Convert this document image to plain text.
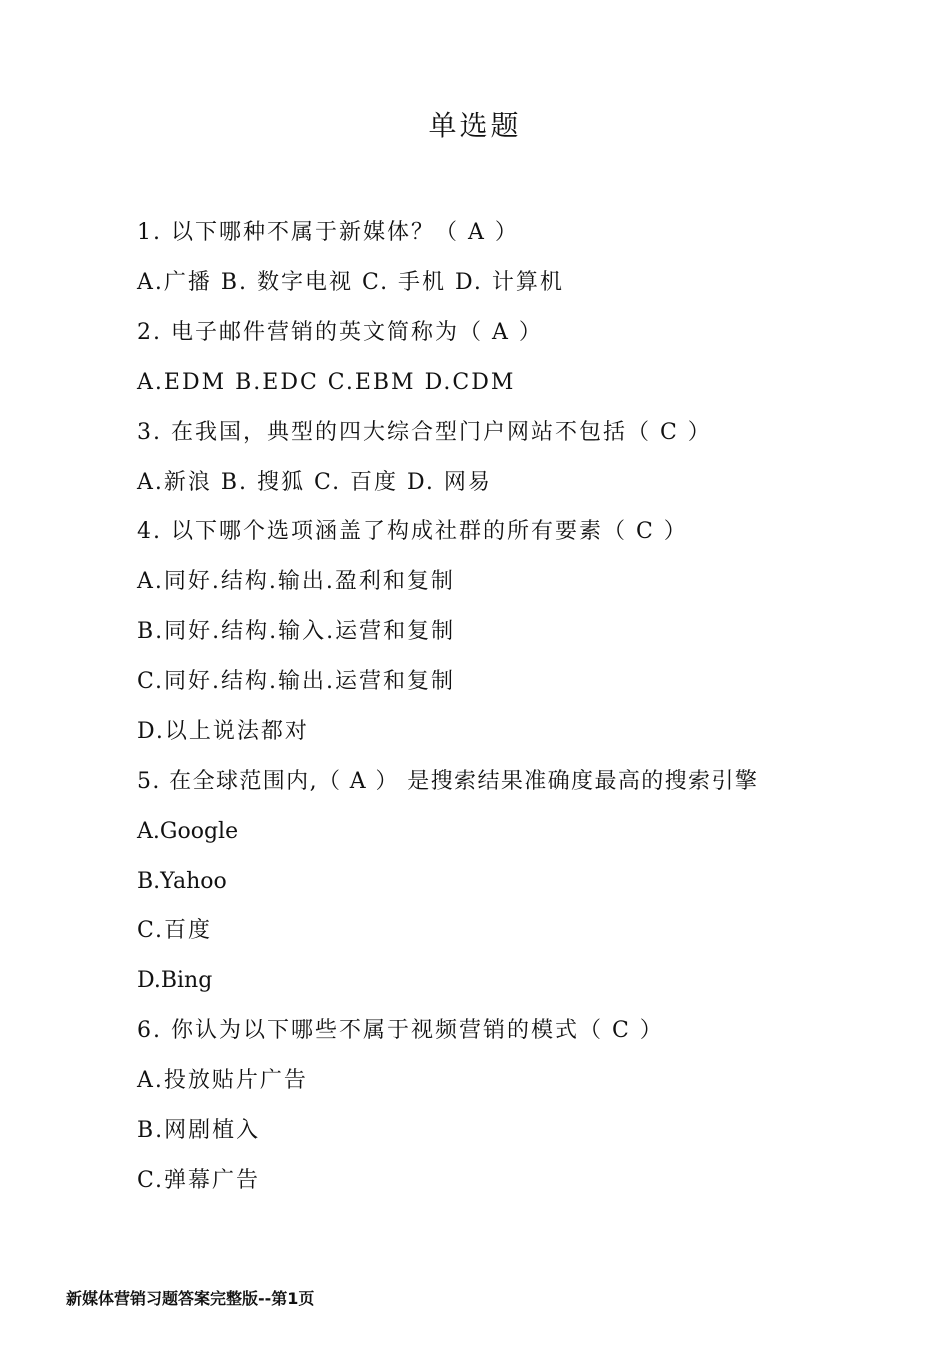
单选题
1. 以下哪种不属于新媒体？（ A ）
A.广播 B. 数字电视 C. 手机 D. 计算机
2. 电子邮件营销的英文简称为（ A ）
A.EDM B.EDC C.EBM D.CDM
3. 在我国，典型的四大综合型门户网站不包括（ C ）
A.新浪 B. 搜狐 C. 百度 D. 网易
4. 以下哪个选项涵盖了构成社群的所有要素（ C ）
A.同好.结构.输出.盈利和复制
B.同好.结构.输入.运营和复制
C.同好.结构.输出.运营和复制
D.以上说法都对
5. 在全球范围内,（ A ） 是搜索结果准确度最高的搜索引擎
A.Google
B.Yahoo
C.百度
D.Bing
6. 你认为以下哪些不属于视频营销的模式（ C ）
A.投放贴片广告
B.网剧植入
C.弹幕广告
新媒体营销习题答案完整版--第1页
